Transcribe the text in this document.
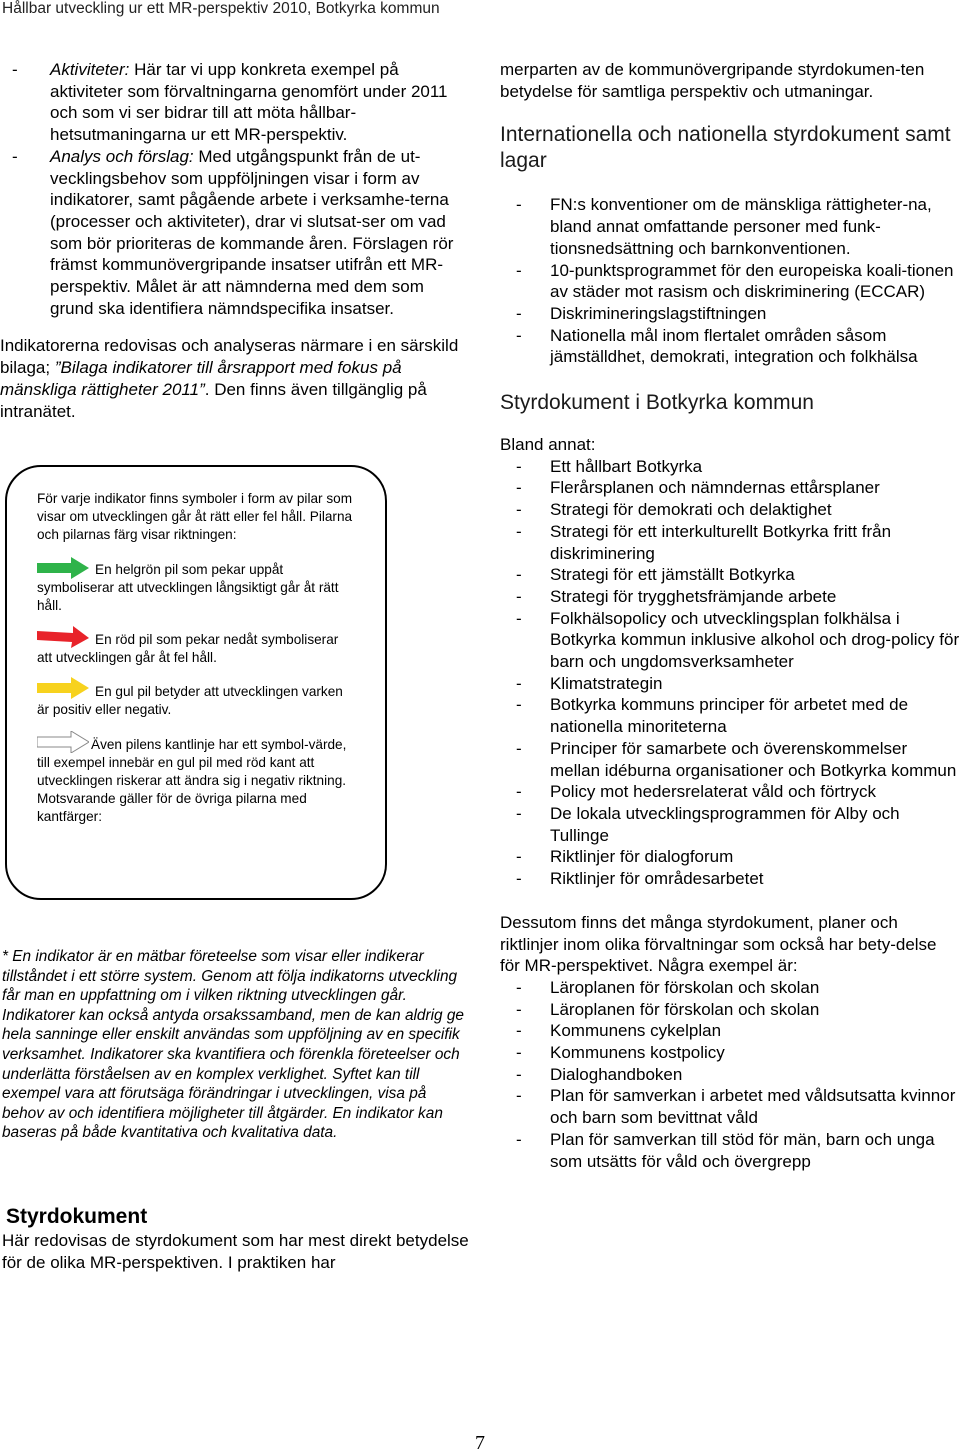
Hållbar utveckling ur ett MR-perspektiv 2010, Botkyrka kommun
- Aktiviteter: Här tar vi upp konkreta exempel på aktiviteter som förvaltningarna genomfört under 2011 och som vi ser bidrar till att möta hållbar-hetsutmaningarna ur ett MR-perspektiv.
- Analys och förslag: Med utgångspunkt från de ut-vecklingsbehov som uppföljningen visar i form av indikatorer, samt pågående arbete i verksamhe-terna (processer och aktiviteter), drar vi slutsat-ser om vad som bör prioriteras de kommande åren. Förslagen rör främst kommunövergripande insatser utifrån ett MR-perspektiv. Målet är att nämnderna med dem som grund ska identifiera nämndspecifika insatser.

Indikatorerna redovisas och analyseras närmare i en särskild bilaga; ”Bilaga indikatorer till årsrapport med fokus på mänskliga rättigheter 2011”. Den finns även tillgänglig på intranätet.

För varje indikator finns symboler i form av pilar som visar om utvecklingen går åt rätt eller fel håll. Pilarna och pilarnas färg visar riktningen:
En helgrön pil som pekar uppåt symboliserar att utvecklingen långsiktigt går åt rätt håll.
En röd pil som pekar nedåt symboliserar att utvecklingen går åt fel håll.
En gul pil betyder att utvecklingen varken är positiv eller negativ.
Även pilens kantlinje har ett symbol-värde, till exempel innebär en gul pil med röd kant att utvecklingen riskerar att ändra sig i negativ riktning. Motsvarande gäller för de övriga pilarna med kantfärger:
* En indikator är en mätbar företeelse som visar eller indikerar tillståndet i ett större system. Genom att följa indikatorns utveckling får man en uppfattning om i vilken riktning utvecklingen går. Indikatorer kan också antyda orsakssamband, men de kan aldrig ge hela sanninge eller enskilt användas som uppföljning av en specifik verksamhet. Indikatorer ska kvantifiera och förenkla företeelser och underlätta förståelsen av en komplex verklighet. Syftet kan till exempel vara att förutsäga förändringar i utvecklingen, visa på behov av och identifiera möjligheter till åtgärder. En indikator kan baseras på både kvantitativa och kvalitativa data.
Styrdokument
Här redovisas de styrdokument som har mest direkt betydelse för de olika MR-perspektiven. I praktiken har

merparten av de kommunövergripande styrdokumen-ten betydelse för samtliga perspektiv och utmaningar.

Internationella och nationella styrdokument samt lagar
- FN:s konventioner om de mänskliga rättigheter-na, bland annat omfattande personer med funk-tionsnedsättning och barnkonventionen.
- 10-punktsprogrammet för den europeiska koali-tionen av städer mot rasism och diskriminering (ECCAR)
- Diskrimineringslagstiftningen
- Nationella mål inom flertalet områden såsom jämställdhet, demokrati, integration och folkhälsa
Styrdokument i Botkyrka kommun

Bland annat:

- Ett hållbart Botkyrka
- Flerårsplanen och nämndernas ettårsplaner
- Strategi för demokrati och delaktighet
- Strategi för ett interkulturellt Botkyrka fritt från diskriminering
- Strategi för ett jämställt Botkyrka
- Strategi för trygghetsfrämjande arbete
- Folkhälsopolicy och utvecklingsplan folkhälsa i Botkyrka kommun inklusive alkohol och drog-policy för barn och ungdomsverksamheter
- Klimatstrategin
- Botkyrka kommuns principer för arbetet med de nationella minoriteterna
- Principer för samarbete och överenskommelser mellan idéburna organisationer och Botkyrka kommun
- Policy mot hedersrelaterat våld och förtryck
- De lokala utvecklingsprogrammen för Alby och Tullinge
- Riktlinjer för dialogforum
- Riktlinjer för områdesarbetet

Dessutom finns det många styrdokument, planer och riktlinjer inom olika förvaltningar som också har bety-delse för MR-perspektivet. Några exempel är:

- Läroplanen för förskolan och skolan
- Läroplanen för förskolan och skolan
- Kommunens cykelplan
- Kommunens kostpolicy
- Dialoghandboken
- Plan för samverkan i arbetet med våldsutsatta kvinnor och barn som bevittnat våld
- Plan för samverkan till stöd för män, barn och unga som utsätts för våld och övergrepp
7
